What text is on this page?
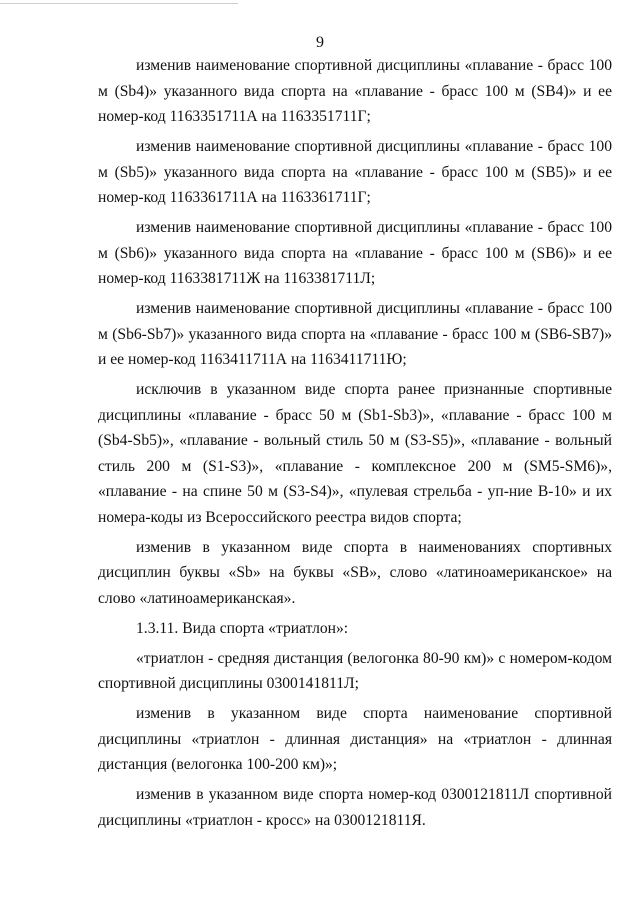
9

изменив наименование спортивной дисциплины «плавание - брасс 100 м (Sb4)» указанного вида спорта на «плавание - брасс 100 м (SB4)» и ее номер-код 1163351711А на 1163351711Г;

изменив наименование спортивной дисциплины «плавание - брасс 100 м (Sb5)» указанного вида спорта на «плавание - брасс 100 м (SB5)» и ее номер-код 1163361711А на 1163361711Г;

изменив наименование спортивной дисциплины «плавание - брасс 100 м (Sb6)» указанного вида спорта на «плавание - брасс 100 м (SB6)» и ее номер-код 1163381711Ж на 1163381711Л;

изменив наименование спортивной дисциплины «плавание - брасс 100 м (Sb6-Sb7)» указанного вида спорта на «плавание - брасс 100 м (SB6-SB7)» и ее номер-код 1163411711А на 1163411711Ю;

исключив в указанном виде спорта ранее признанные спортивные дисциплины «плавание - брасс 50 м (Sb1-Sb3)», «плавание - брасс 100 м (Sb4-Sb5)», «плавание - вольный стиль 50 м (S3-S5)», «плавание - вольный стиль 200 м (S1-S3)», «плавание - комплексное 200 м (SM5-SM6)», «плавание - на спине 50 м (S3-S4)», «пулевая стрельба - уп-ние В-10» и их номера-коды из Всероссийского реестра видов спорта;

изменив в указанном виде спорта в наименованиях спортивных дисциплин буквы «Sb» на буквы «SB», слово «латиноамериканское» на слово «латиноамериканская».

1.3.11. Вида спорта «триатлон»:

«триатлон - средняя дистанция (велогонка 80-90 км)» с номером-кодом спортивной дисциплины 0300141811Л;

изменив в указанном виде спорта наименование спортивной дисциплины «триатлон - длинная дистанция» на «триатлон - длинная дистанция (велогонка 100-200 км)»;

изменив в указанном виде спорта номер-код 0300121811Л спортивной дисциплины «триатлон - кросс» на 0300121811Я.
